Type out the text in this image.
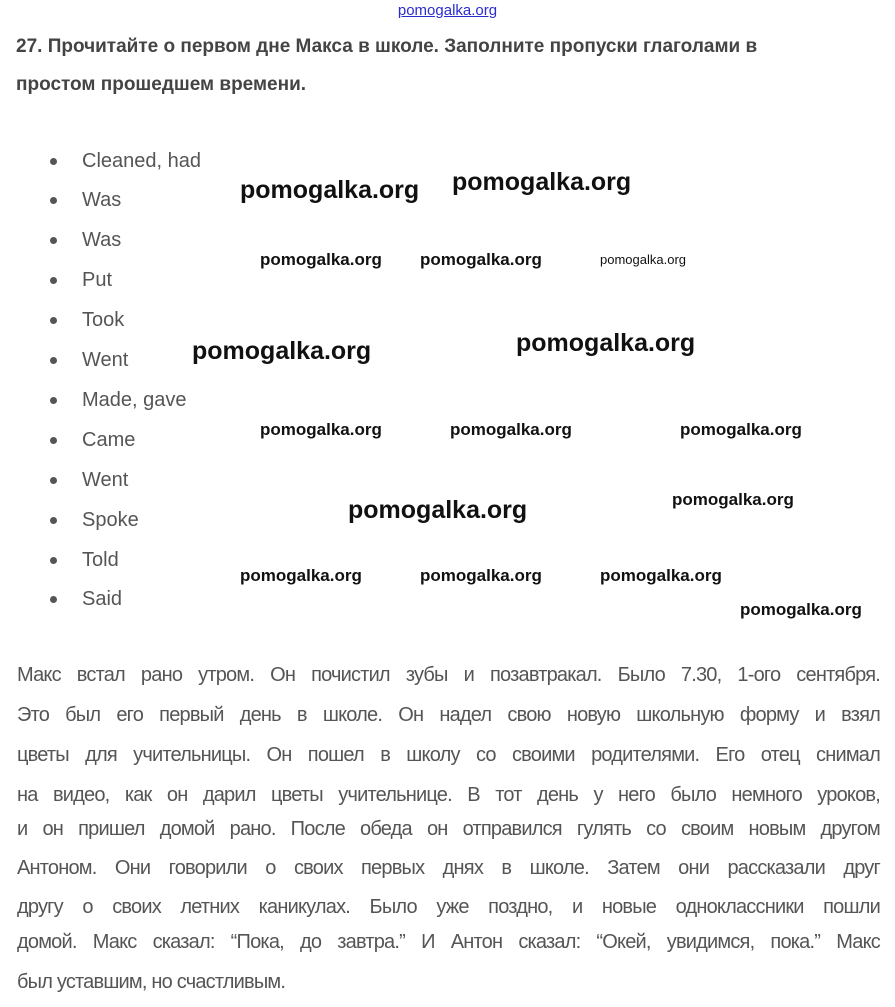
pomogalka.org
27. Прочитайте о первом дне Макса в школе. Заполните пропуски глаголами в
простом прошедшем времени.
Cleaned, had
Was
Was
Put
Took
Went
Made, gave
Came
Went
Spoke
Told
Said
Макс встал рано утром. Он почистил зубы и позавтракал. Было 7.30, 1-ого сентября.
Это был его первый день в школе. Он надел свою новую школьную форму и взял
цветы для учительницы. Он пошел в школу со своими родителями. Его отец снимал
на видео, как он дарил цветы учительнице. В тот день у него было немного уроков,
и он пришел домой рано. После обеда он отправился гулять со своим новым другом
Антоном. Они говорили о своих первых днях в школе. Затем они рассказали друг
другу о своих летних каникулах. Было уже поздно, и новые одноклассники пошли
домой. Макс сказал: “Пока, до завтра.” И Антон сказал: “Окей, увидимся, пока.” Макс
был уставшим, но счастливым.
pomogalka.org pomogalka.org
pomogalka.org	pomogalka.org
pomogalka.org
pomogalka.org
pomogalka.org
pomogalka.org
pomogalka.org pomogalka.org
pomogalka.org	pomogalka.org	pomogalka.org
pomogalka.org	pomogalka.org
pomogalka.org
